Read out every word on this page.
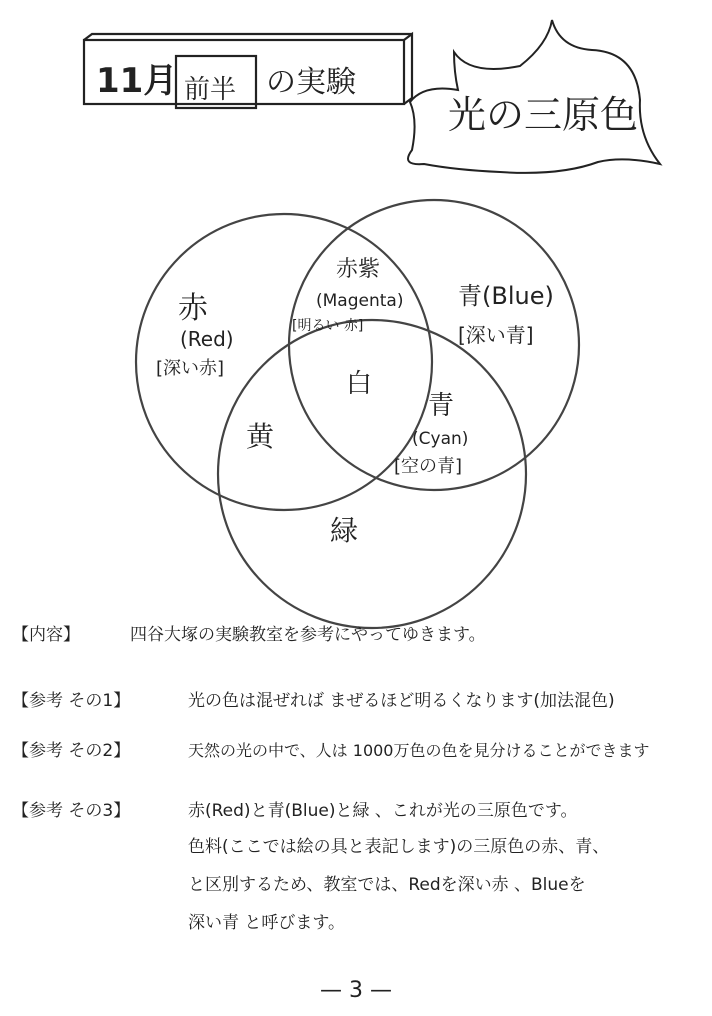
11月 前半 の実験
光の三原色
赤
(Red)
[深い赤]
青(Blue)
[深い青]
赤紫
(Magenta)
[明るい 赤]
白
黄
青
(Cyan)
[空の青]
緑
【内容】	四谷大塚の実験教室を参考にやってゆきます。
【参考 その1】	光の色は混ぜれば まぜるほど明るくなります(加法混色)
【参考 その2】	天然の光の中で、人は 1000万色の色を見分けることができます
【参考 その3】	赤(Red)と青(Blue)と緑 、これが光の三原色です。
色料(ここでは絵の具と表記します)の三原色の赤、青、
と区別するため、教室では、Redを深い赤 、Blueを
深い青 と呼びます。
— 3 —
